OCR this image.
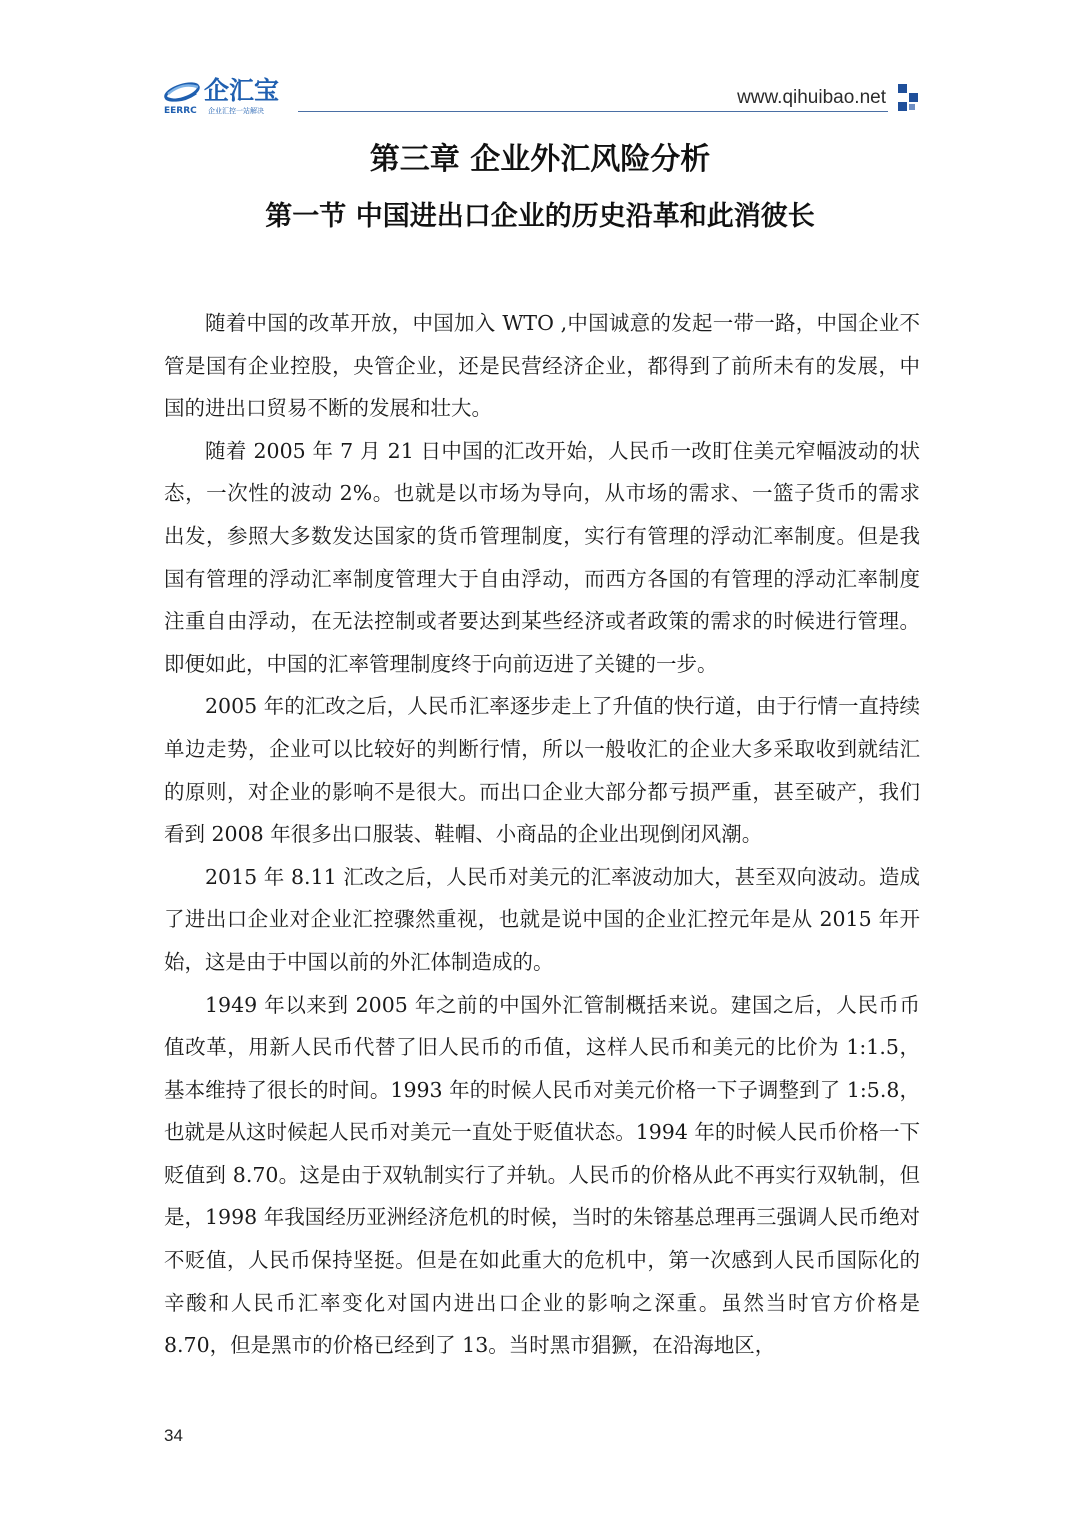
企汇宝
EERRC 企业汇控一站解决
www.qihuibao.net
第三章 企业外汇风险分析
第一节 中国进出口企业的历史沿革和此消彼长

随着中国的改革开放，中国加入 WTO ,中国诚意的发起一带一路，中国企业不管是国有企业控股，央管企业，还是民营经济企业，都得到了前所未有的发展，中国的进出口贸易不断的发展和壮大。

随着 2005 年 7 月 21 日中国的汇改开始，人民币一改盯住美元窄幅波动的状态，一次性的波动 2%。也就是以市场为导向，从市场的需求、一篮子货币的需求出发，参照大多数发达国家的货币管理制度，实行有管理的浮动汇率制度。但是我国有管理的浮动汇率制度管理大于自由浮动，而西方各国的有管理的浮动汇率制度注重自由浮动，在无法控制或者要达到某些经济或者政策的需求的时候进行管理。即便如此，中国的汇率管理制度终于向前迈进了关键的一步。

2005 年的汇改之后，人民币汇率逐步走上了升值的快行道，由于行情一直持续单边走势，企业可以比较好的判断行情，所以一般收汇的企业大多采取收到就结汇的原则，对企业的影响不是很大。而出口企业大部分都亏损严重，甚至破产，我们看到 2008 年很多出口服装、鞋帽、小商品的企业出现倒闭风潮。

2015 年 8.11 汇改之后，人民币对美元的汇率波动加大，甚至双向波动。造成了进出口企业对企业汇控骤然重视，也就是说中国的企业汇控元年是从 2015 年开始，这是由于中国以前的外汇体制造成的。

1949 年以来到 2005 年之前的中国外汇管制概括来说。建国之后，人民币币值改革，用新人民币代替了旧人民币的币值，这样人民币和美元的比价为 1:1.5，基本维持了很长的时间。1993 年的时候人民币对美元价格一下子调整到了 1:5.8，也就是从这时候起人民币对美元一直处于贬值状态。1994 年的时候人民币价格一下贬值到 8.70。这是由于双轨制实行了并轨。人民币的价格从此不再实行双轨制，但是，1998 年我国经历亚洲经济危机的时候，当时的朱镕基总理再三强调人民币绝对不贬值，人民币保持坚挺。但是在如此重大的危机中，第一次感到人民币国际化的辛酸和人民币汇率变化对国内进出口企业的影响之深重。虽然当时官方价格是 8.70，但是黑市的价格已经到了 13。当时黑市猖獗，在沿海地区，

34
